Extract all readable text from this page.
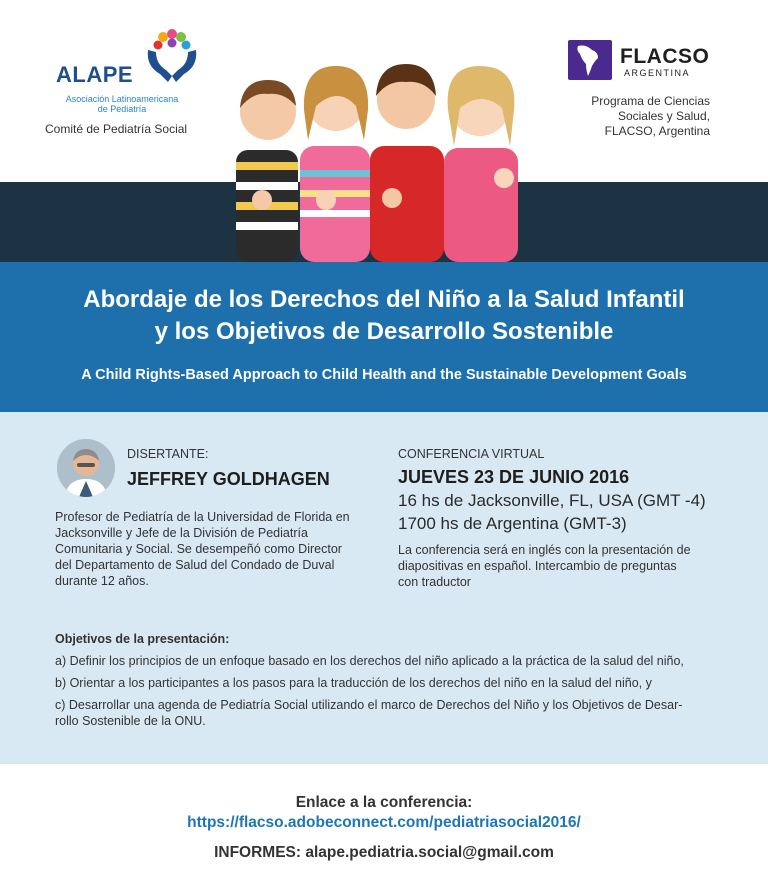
ALAPE
Asociación Latinoamericana
de Pediatría
Comité de Pediatría Social
FLACSO
ARGENTINA
Programa de Ciencias
Sociales y Salud,
FLACSO, Argentina
Abordaje de los Derechos del Niño a la Salud Infantil
y los Objetivos de Desarrollo Sostenible
A Child Rights-Based Approach to Child Health and the Sustainable Development Goals
DISERTANTE:
JEFFREY GOLDHAGEN
Profesor de Pediatría de la Universidad de Florida en
Jacksonville y Jefe de la División de Pediatría
Comunitaria y Social. Se desempeñó como Director
del Departamento de Salud del Condado de Duval
durante 12 años.
CONFERENCIA VIRTUAL
JUEVES 23 DE JUNIO 2016
16 hs de Jacksonville, FL, USA (GMT -4)
1700 hs de Argentina (GMT-3)
La conferencia será en inglés con la presentación de
diapositivas en español. Intercambio de preguntas
con traductor
Objetivos de la presentación:
a) Definir los principios de un enfoque basado en los derechos del niño aplicado a la práctica de la salud del niño,
b) Orientar a los participantes a los pasos para la traducción de los derechos del niño en la salud del niño, y
c) Desarrollar una agenda de Pediatría Social utilizando el marco de Derechos del Niño y los Objetivos de Desar-
rollo Sostenible de la ONU.
Enlace a la conferencia:
https://flacso.adobeconnect.com/pediatriasocial2016/
INFORMES: alape.pediatria.social@gmail.com
